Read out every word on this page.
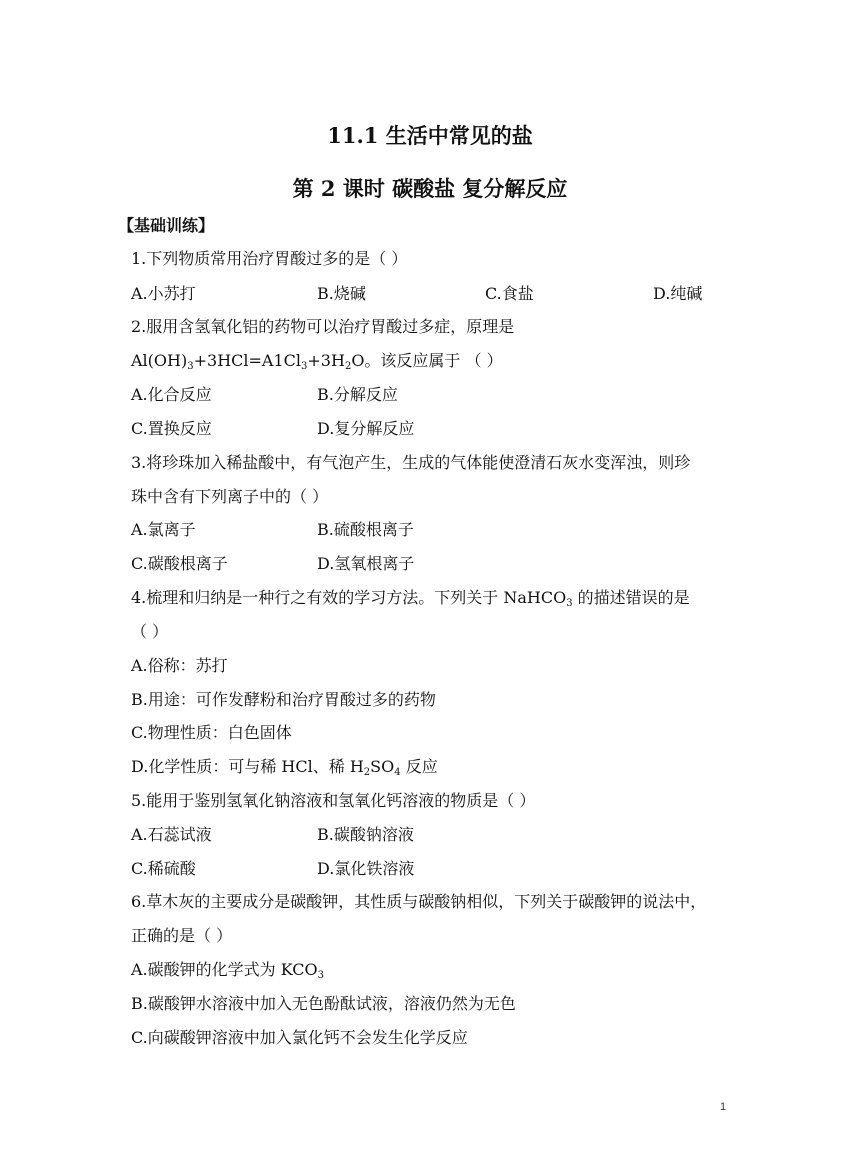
11.1 生活中常见的盐
第 2 课时 碳酸盐 复分解反应
【基础训练】
1.下列物质常用治疗胃酸过多的是（ ）
A.小苏打	B.烧碱	C.食盐	D.纯碱
2.服用含氢氧化铝的药物可以治疗胃酸过多症，原理是
$Al(OH)_3+3HCl=A1Cl_3+3H_2O$。该反应属于 （ ）
A.化合反应	B.分解反应
C.置换反应	D.复分解反应
3.将珍珠加入稀盐酸中，有气泡产生，生成的气体能使澄清石灰水变浑浊，则珍
珠中含有下列离子中的（ ）
A.氯离子	B.硫酸根离子
C.碳酸根离子	D.氢氧根离子
4.梳理和归纳是一种行之有效的学习方法。下列关于 NaHCO$_3$ 的描述错误的是
（ ）
A.俗称：苏打
B.用途：可作发酵粉和治疗胃酸过多的药物
C.物理性质：白色固体
D.化学性质：可与稀 HCl、稀 $H_2SO_4$ 反应
5.能用于鉴别氢氧化钠溶液和氢氧化钙溶液的物质是（ ）
A.石蕊试液	B.碳酸钠溶液
C.稀硫酸	D.氯化铁溶液
6.草木灰的主要成分是碳酸钾，其性质与碳酸钠相似，下列关于碳酸钾的说法中，
正确的是（ ）
A.碳酸钾的化学式为 $KCO_3$
B.碳酸钾水溶液中加入无色酚酞试液，溶液仍然为无色
C.向碳酸钾溶液中加入氯化钙不会发生化学反应
1
